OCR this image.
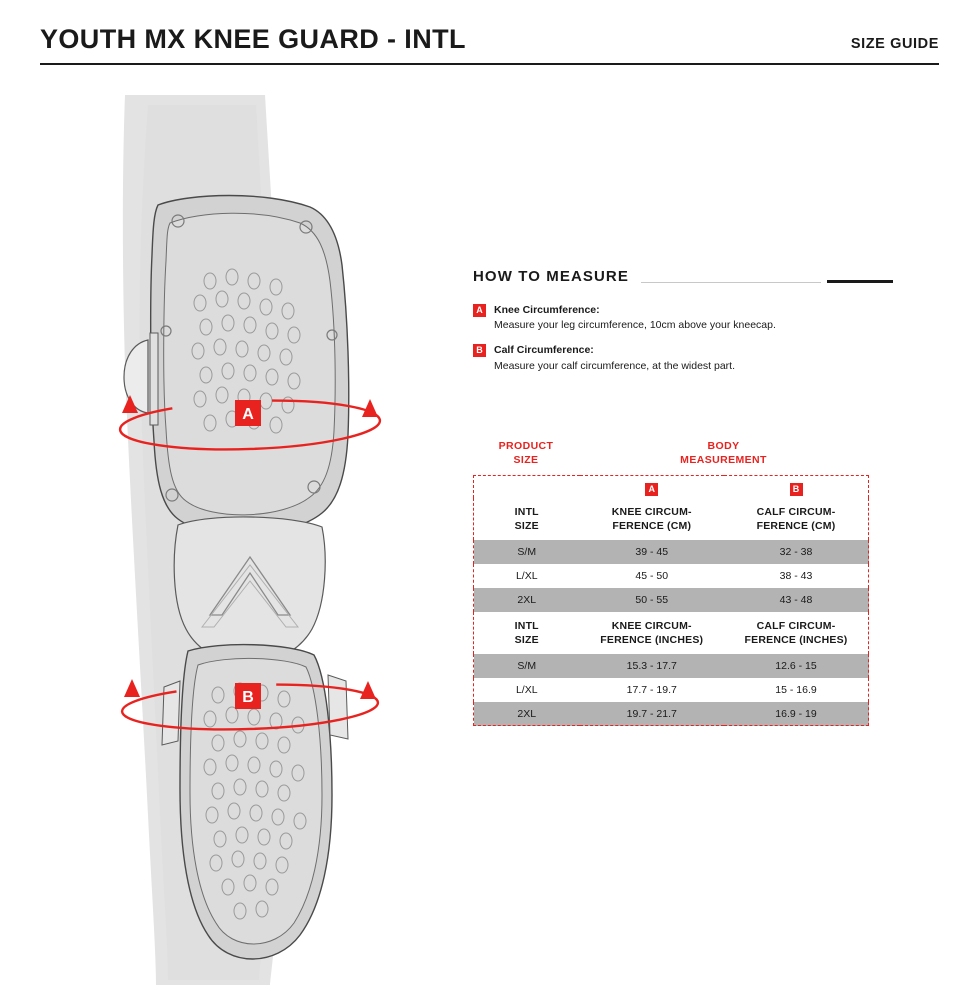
YOUTH MX KNEE GUARD - INTL	SIZE GUIDE
A
B
HOW TO MEASURE
A	Knee Circumference:
Measure your leg circumference, 10cm above your kneecap.
B	Calf Circumference:
Measure your calf circumference, at the widest part.
PRODUCT
SIZE
BODY
MEASUREMENT
	A	B

INTL
SIZE

KNEE CIRCUM-
FERENCE (CM)

CALF CIRCUM-
FERENCE (CM)

S/M	39 - 45	32 - 38
L/XL	45 - 50	38 - 43
2XL	50 - 55	43 - 48

INTL
SIZE

KNEE CIRCUM-
FERENCE (INCHES)

CALF CIRCUM-
FERENCE (INCHES)

S/M	15.3 - 17.7	12.6 - 15
L/XL	17.7 - 19.7	15 - 16.9
2XL	19.7 - 21.7	16.9 - 19
